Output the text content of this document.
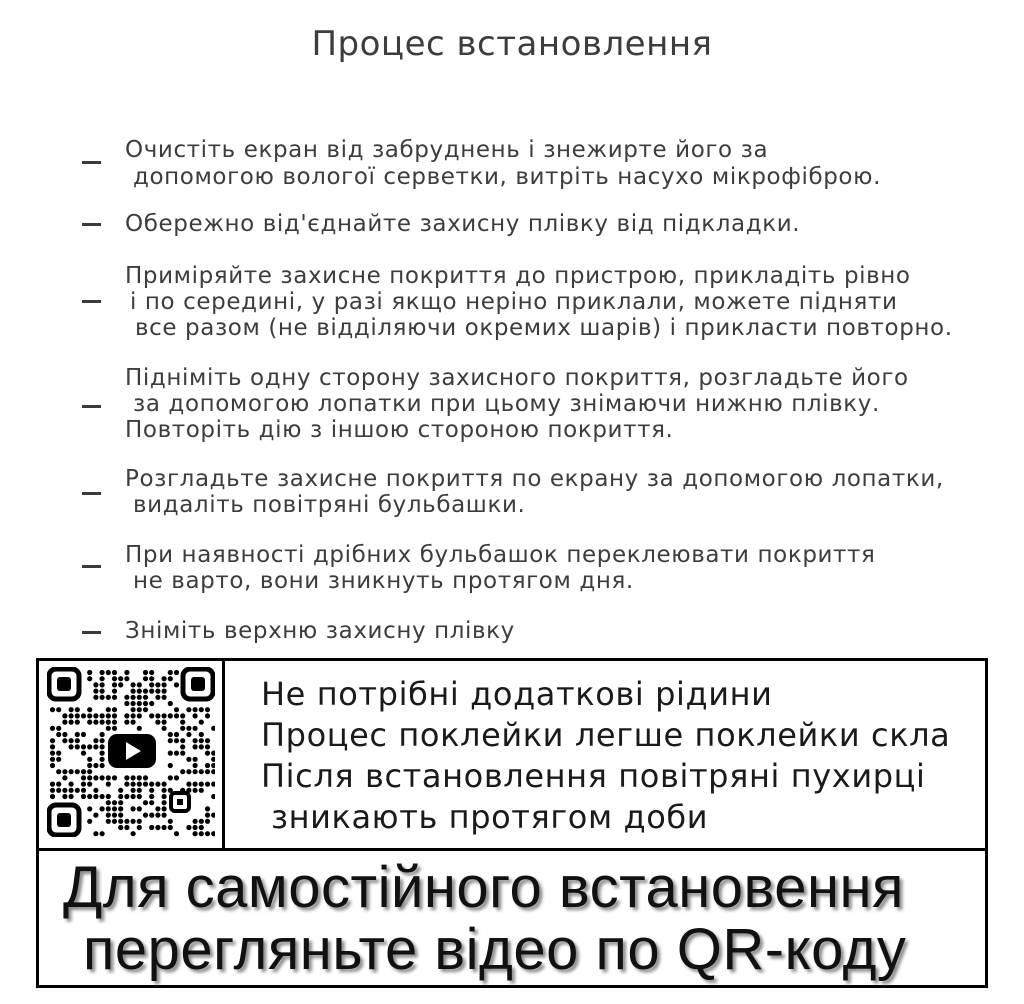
Процес встановлення
Очистіть екран від забруднень і знежирте його за
допомогою вологої серветки, витріть насухо мікрофіброю.
Обережно від'єднайте захисну плівку від підкладки.
Приміряйте захисне покриття до пристрою, прикладіть рівно
і по середині, у разі якщо неріно приклали, можете підняти
все разом (не відділяючи окремих шарів) і прикласти повторно.
Підніміть одну сторону захисного покриття, розгладьте його
за допомогою лопатки при цьому знімаючи нижню плівку.
Повторіть дію з іншою стороною покриття.
Розгладьте захисне покриття по екрану за допомогою лопатки,
видаліть повітряні бульбашки.
При наявності дрібних бульбашок переклеювати покриття
не варто, вони зникнуть протягом дня.
Зніміть верхню захисну плівку
Не потрібні додаткові рідини
Процес поклейки легше поклейки скла
Після встановлення повітряні пухирці
зникають протягом доби
Для самостійного встановення
перегляньте відео по QR-коду
